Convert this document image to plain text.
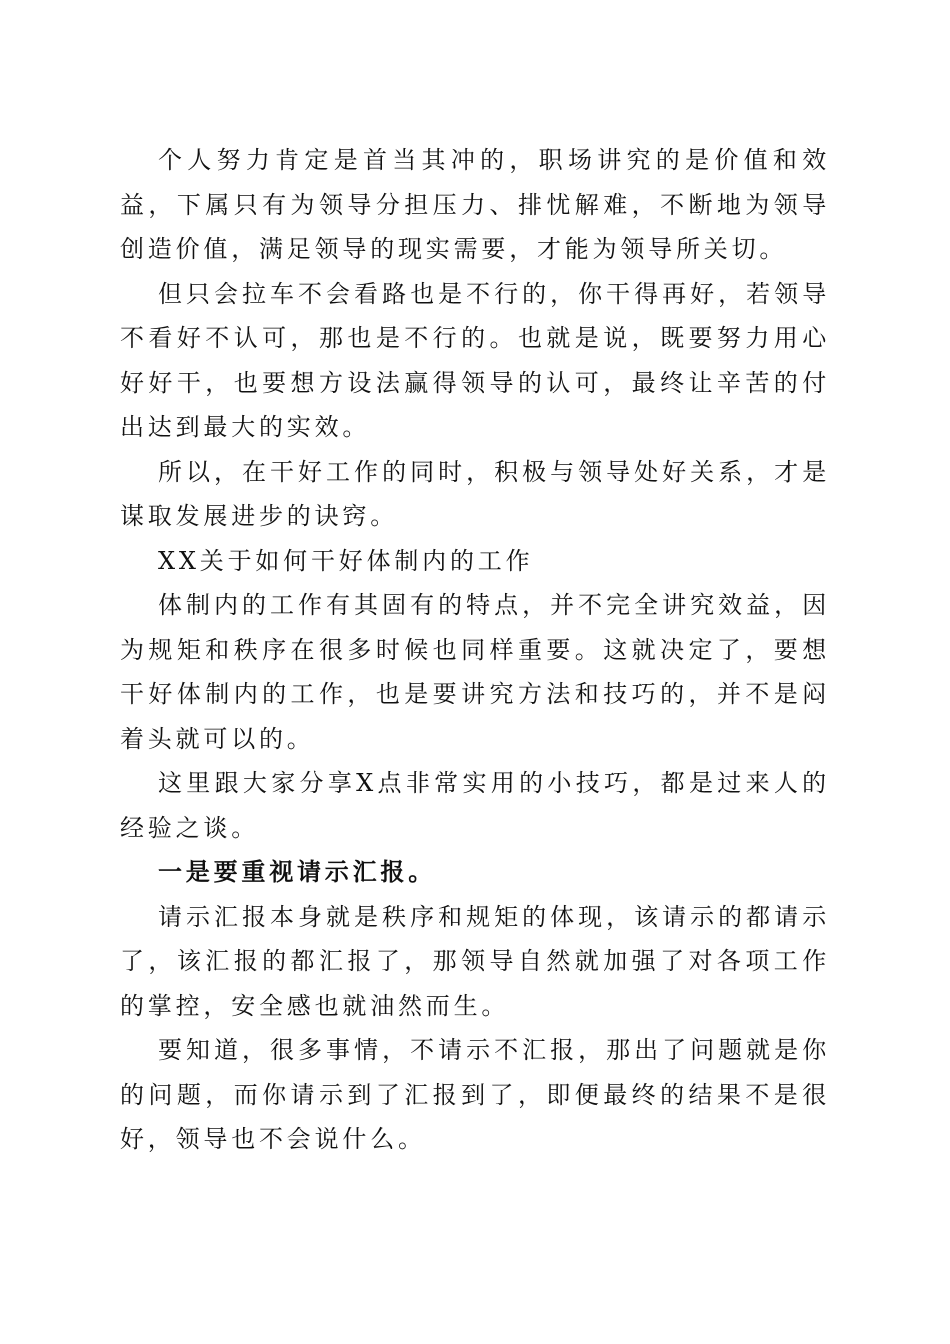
个人努力肯定是首当其冲的，职场讲究的是价值和效益，下属只有为领导分担压力、排忧解难，不断地为领导创造价值，满足领导的现实需要，才能为领导所关切。

但只会拉车不会看路也是不行的，你干得再好，若领导不看好不认可，那也是不行的。也就是说，既要努力用心好好干，也要想方设法赢得领导的认可，最终让辛苦的付出达到最大的实效。

所以，在干好工作的同时，积极与领导处好关系，才是谋取发展进步的诀窍。

XX关于如何干好体制内的工作

体制内的工作有其固有的特点，并不完全讲究效益，因为规矩和秩序在很多时候也同样重要。这就决定了，要想干好体制内的工作，也是要讲究方法和技巧的，并不是闷着头就可以的。

这里跟大家分享X点非常实用的小技巧，都是过来人的经验之谈。

一是要重视请示汇报。

请示汇报本身就是秩序和规矩的体现，该请示的都请示了，该汇报的都汇报了，那领导自然就加强了对各项工作的掌控，安全感也就油然而生。

要知道，很多事情，不请示不汇报，那出了问题就是你的问题，而你请示到了汇报到了，即便最终的结果不是很好，领导也不会说什么。
